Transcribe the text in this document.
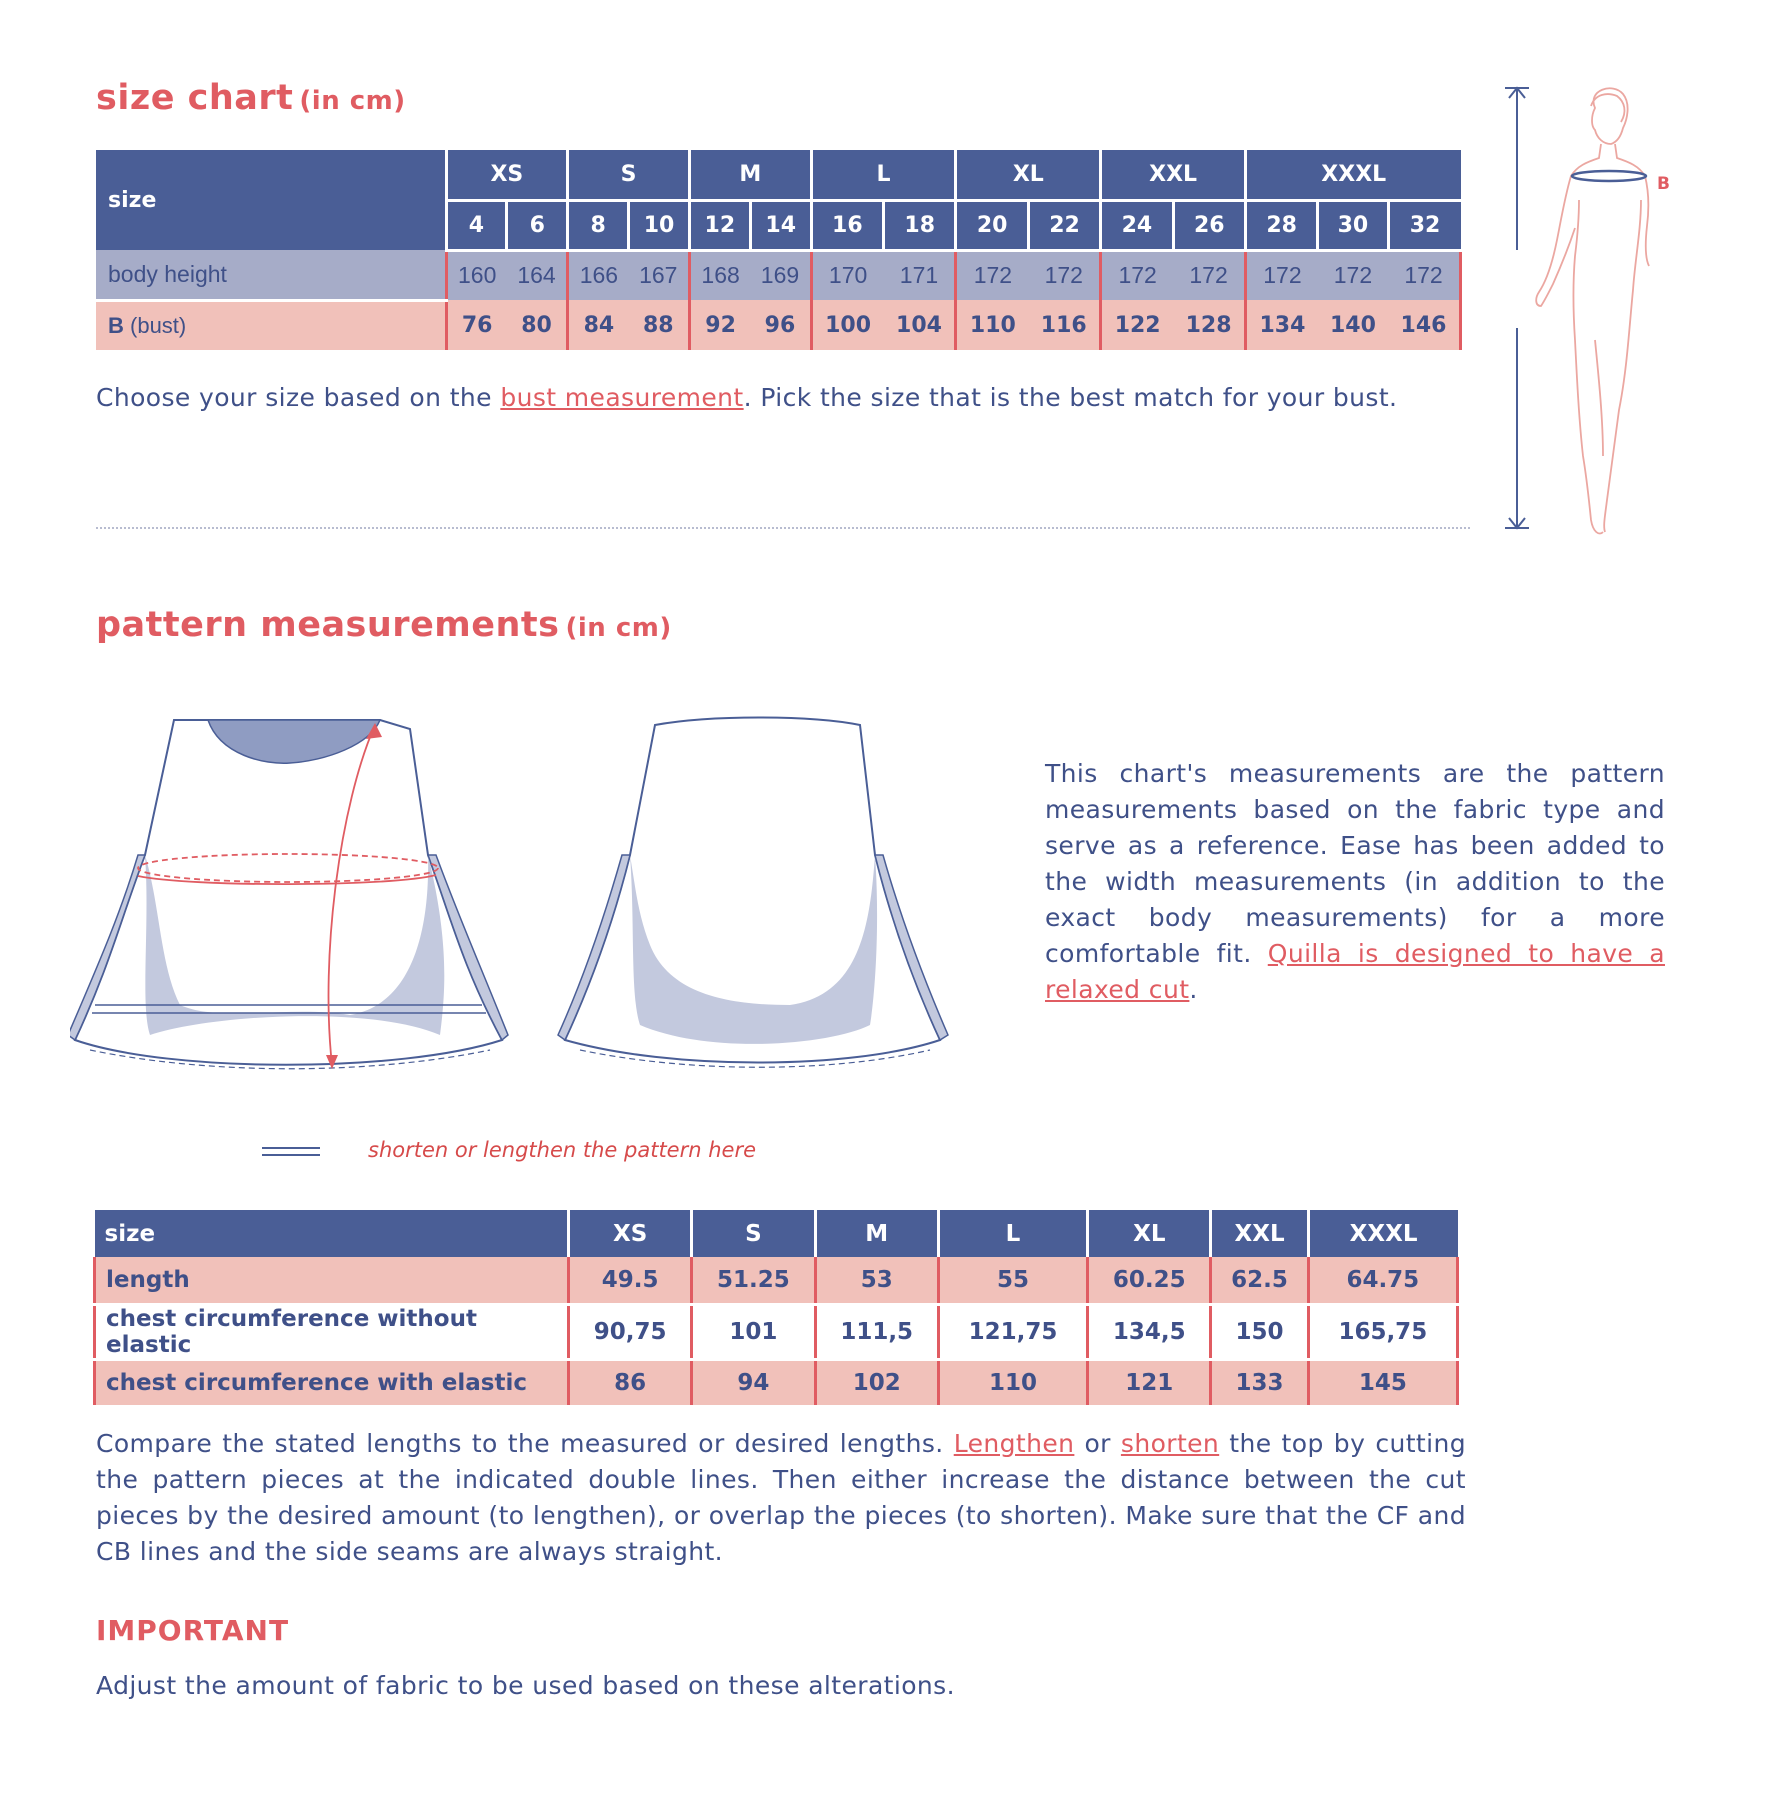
size chart (in cm)
size	XS		S		M		L		XL		XXL		XXXL		
	4	6	8	10	12	14	16	18	20	22	24	26	28	30	32
body height	160	164	166	167	168	169	170	171	172	172	172	172	172	172	172
B (bust)	76	80	84	88	92	96	100	104	110	116	122	128	134	140	146

Choose your size based on the bust measurement. Pick the size that is the best match for your bust.

B
pattern measurements (in cm)

This chart's measurements are the pattern measurements based on the fabric type and serve as a reference. Ease has been added to the width measurements (in addition to the exact body measurements) for a more comfortable fit. Quilla is designed to have a relaxed cut.

shorten or lengthen the pattern here
size	XS	S	M	L	XL	XXL	XXXL
length	49.5	51.25	53	55	60.25	62.5	64.75
chest circumference without elastic	90,75	101	111,5	121,75	134,5	150	165,75
chest circumference with elastic	86	94	102	110	121	133	145

Compare the stated lengths to the measured or desired lengths. Lengthen or shorten the top by cutting the pattern pieces at the indicated double lines. Then either increase the distance between the cut pieces by the desired amount (to lengthen), or overlap the pieces (to shorten). Make sure that the CF and CB lines and the side seams are always straight.

IMPORTANT

Adjust the amount of fabric to be used based on these alterations.
